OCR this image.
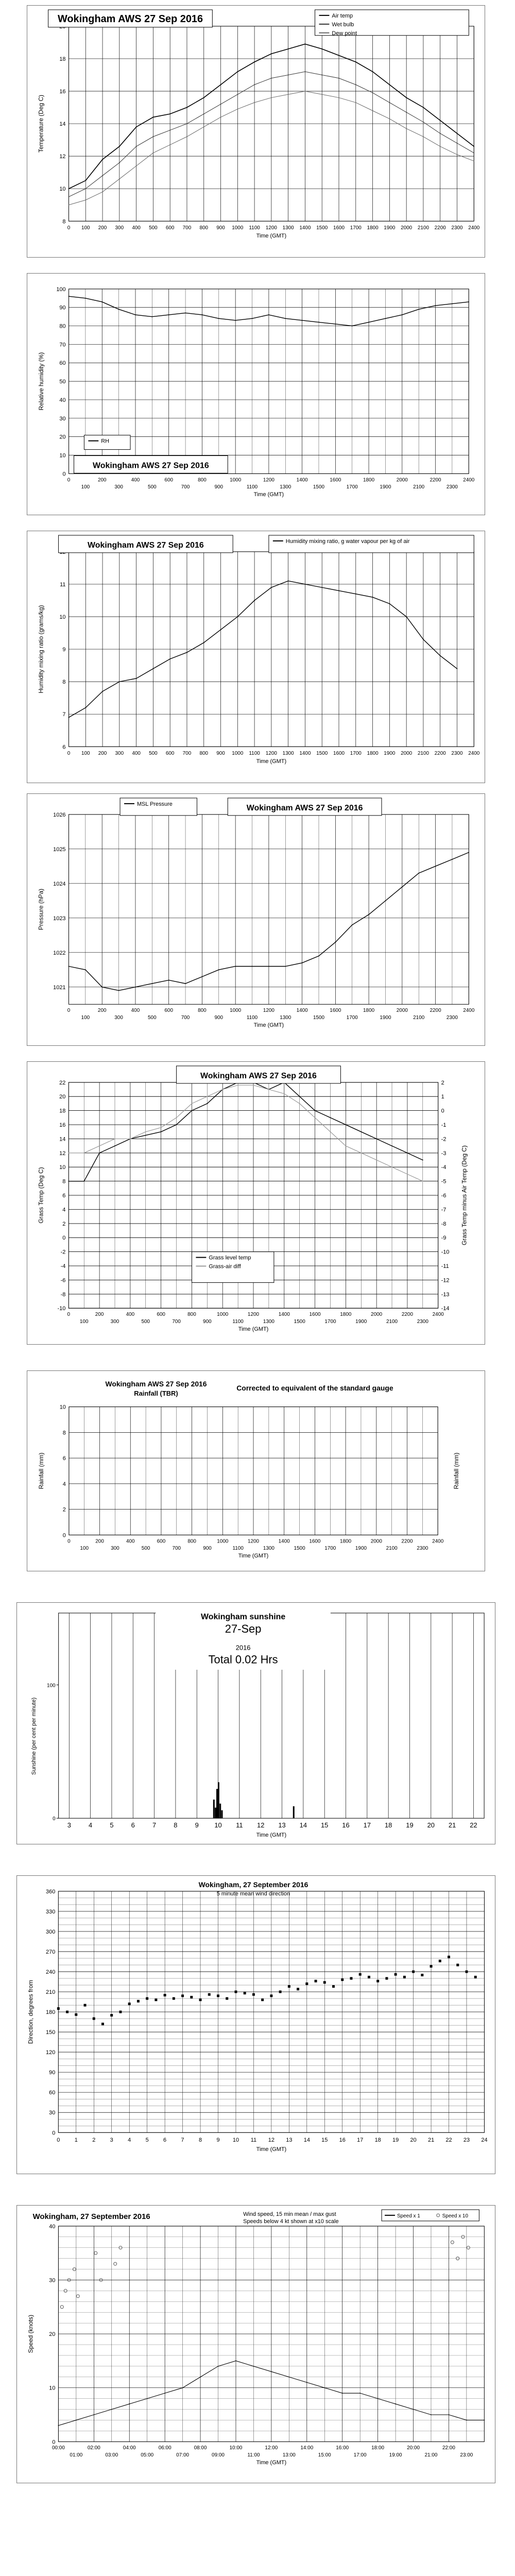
8
10
12
14
16
18
Temperature (Deg C)
0 100 200 300 400 500 600 700 800 900 1000 1100 1200 1300 1400 1500 1600 1700 1800 1900 2000 2100 2200 2300 2400
Time (GMT)
Wokingham AWS 27 Sep 2016	Air temp
Wet bulb
Dew point
0
10
20
30
40
50
60
70
80
90
100
Relative humidity (%)
0	200	400	600	800	1000	1200	1400	1600	1800	2000	2200	2400
100	300	500	700	900	1100	1300	1500	1700	1900	2100	2300
Time (GMT)
Wokingham AWS 27 Sep 2016
RH
6
7
8
9
10
11
Humidity mixing ratio (grams/kg)
0 100 200 300 400 500 600 700 800 900 1000 1100 1200 1300 1400 1500 1600 1700 1800 1900 2000 2100 2200 2300 2400
Time (GMT)
Wokingham AWS 27 Sep 2016	Humidity mixing ratio, g water vapour per kg of air
1021
1022
1023
1024
1025
1026
Pressure (hPa)
0	200	400	600	800	1000	1200	1400	1600	1800	2000	2200	2400
100	300	500	700	900	1100	1300	1500	1700	1900	2100	2300
Time (GMT)
Wokingham AWS 27 Sep 2016
MSL Pressure
22
20
18
16
14
12
10
8
6
4
2
0
-2
-4
-6
-8
-10
Grass Temp (Deg C)
2
1
0
-1
-2
-3
-4
-5
-6
-7
-8
-9
-10
-11
-12
-13
-14
Grass Temp minus Air Temp (Deg C)
0	200	400	600	800	1000	1200	1400	1600	1800	2000	2200	2400
100	300	500	700	900	1100	1300	1500	1700	1900	2100	2300
Time (GMT)
Wokingham AWS 27 Sep 2016
Grass level temp
Grass-air diff
0
2
4
6
8
10
Rainfall (mm)	Rainfall (mm)
0	200	400	600	800	1000	1200	1400	1600	1800	2000	2200	2400
100	300	500	700	900	1100	1300	1500	1700	1900	2100	2300
Time (GMT)
Wokingham AWS 27 Sep 2016
Rainfall (TBR)
Corrected to equivalent of the standard gauge
3	4	5	6	7	8	9 10 11 12 13 14 15 16 17 18 19 20 21 22
Time (GMT)
0
100
Sunshine (per cent per minute)
Wokingham sunshine
27-Sep
2016
Total 0.02 Hrs
0
30
60
90
120
150
180
210
240
270
300
330
360
Direction, degrees from
0	1	2	3	4	5	6	7	8	9 10 11 12 13 14 15 16 17 18 19 20 21 22 23 24
Time (GMT)
Wokingham, 27 September 2016
5 minute mean wind direction
0
10
20
30
40
Speed (knots)
00:00	02:00	04:00	06:00	08:00	10:00	12:00	14:00	16:00	18:00	20:00	22:00
01:00	03:00	05:00	07:00	09:00	11:00	13:00	15:00	17:00	19:00	21:00	23:00
Time (GMT)
Wokingham, 27 September 2016	Wind speed, 15 min mean / max gust
Speeds below 4 kt shown at x10 scale
Speed x 1	Speed x 10
